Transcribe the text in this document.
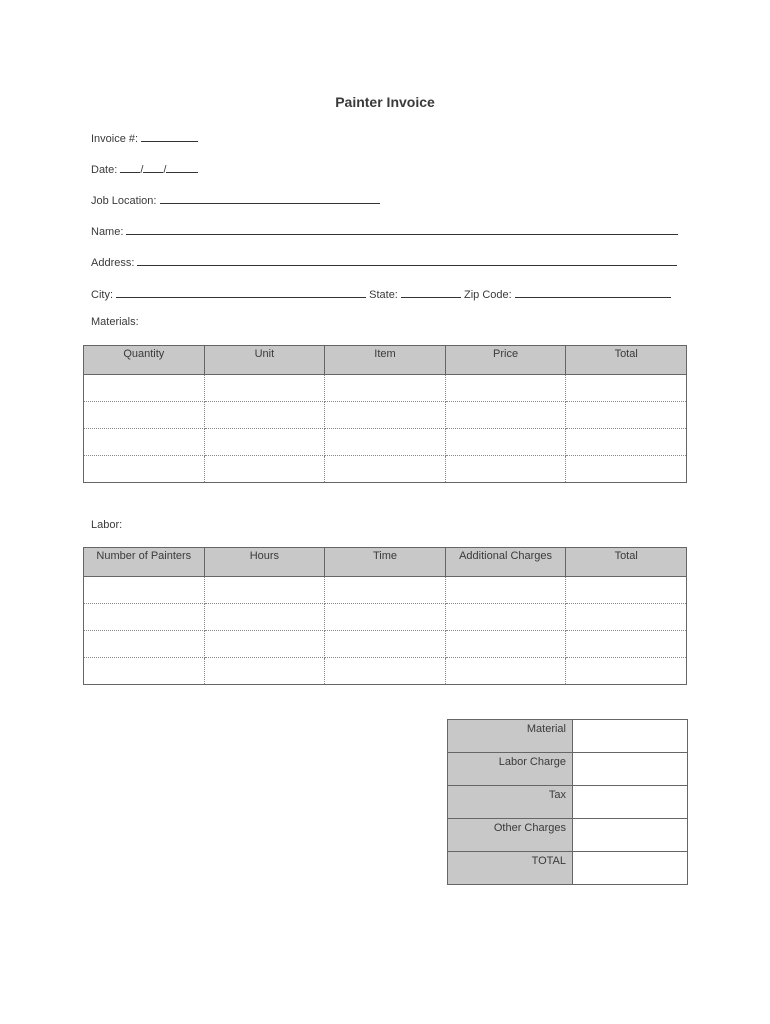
Painter Invoice
Invoice #:
Date: / /
Job Location:
Name:
Address:
City:	State:	Zip Code:
Materials:
Quantity	Unit	Item	Price	Total

Labor:
Number of Painters	Hours	Time	Additional Charges	Total

Material	
Labor Charge	
Tax	
Other Charges	
TOTAL	
